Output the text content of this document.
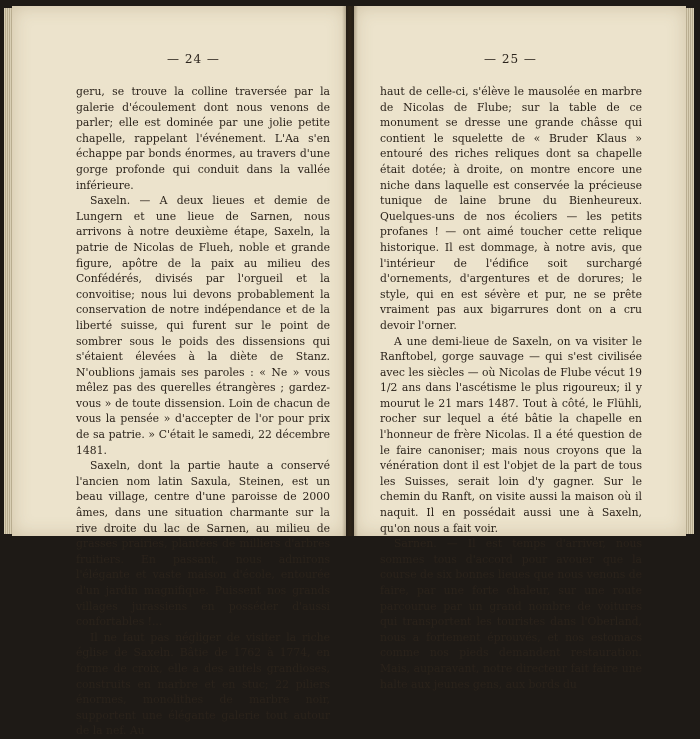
— 24 —

geru, se trouve la colline traversée par la galerie d'écoulement dont nous venons de parler; elle est dominée par une jolie petite chapelle, rappelant l'événement. L'Aa s'en échappe par bonds énormes, au travers d'une gorge profonde qui conduit dans la vallée inférieure.

Saxeln. — A deux lieues et demie de Lungern et une lieue de Sarnen, nous arrivons à notre deuxième étape, Saxeln, la patrie de Nicolas de Flueh, noble et grande figure, apôtre de la paix au milieu des Confédérés, divisés par l'orgueil et la convoitise; nous lui devons probablement la conservation de notre indépendance et de la liberté suisse, qui furent sur le point de sombrer sous le poids des dissensions qui s'étaient élevées à la diète de Stanz. N'oublions jamais ses paroles : « Ne » vous mêlez pas des querelles étrangères ; gardez-vous » de toute dissension. Loin de chacun de vous la pensée » d'accepter de l'or pour prix de sa patrie. » C'était le samedi, 22 décembre 1481.

Saxeln, dont la partie haute a conservé l'ancien nom latin Saxula, Steinen, est un beau village, centre d'une paroisse de 2000 âmes, dans une situation charmante sur la rive droite du lac de Sarnen, au milieu de grasses prairies, plantées de milliers d'arbres fruitiers. En passant, nous admirons l'élégante et vaste maison d'école, entourée d'un jardin magnifique. Puissent nos grands villages jurassiens en posséder d'aussi confortables !...

Il ne faut pas négliger de visiter la riche église de Saxeln. Bâtie de 1762 à 1774, en forme de croix, elle a des autels grandioses, construits en marbre et en stuc; 22 piliers énormes, monolithes de marbre noir, supportent une élégante galerie tout autour de la nef. Au

— 25 —

haut de celle-ci, s'élève le mausolée en marbre de Nicolas de Flube; sur la table de ce monument se dresse une grande châsse qui contient le squelette de « Bruder Klaus » entouré des riches reliques dont sa chapelle était dotée; à droite, on montre encore une niche dans laquelle est conservée la précieuse tunique de laine brune du Bienheureux. Quelques-uns de nos écoliers — les petits profanes ! — ont aimé toucher cette relique historique. Il est dommage, à notre avis, que l'intérieur de l'édifice soit surchargé d'ornements, d'argentures et de dorures; le style, qui en est sévère et pur, ne se prête vraiment pas aux bigarrures dont on a cru devoir l'orner.

A une demi-lieue de Saxeln, on va visiter le Ranftobel, gorge sauvage — qui s'est civilisée avec les siècles — où Nicolas de Flube vécut 19 1/2 ans dans l'ascétisme le plus rigoureux; il y mourut le 21 mars 1487. Tout à côté, le Flühli, rocher sur lequel a été bâtie la chapelle en l'honneur de frère Nicolas. Il a été question de le faire canoniser; mais nous croyons que la vénération dont il est l'objet de la part de tous les Suisses, serait loin d'y gagner. Sur le chemin du Ranft, on visite aussi la maison où il naquit. Il en possédait aussi une à Saxeln, qu'on nous a fait voir.

Sarnen. — Il est temps d'arriver, nous sommes tous d'accord pour avouer que la course de six bonnes lieues que nous venons de faire, par une forte chaleur, sur une route parcourue par un grand nombre de voitures qui transportent les touristes dans l'Oberland, nous a fortement éprouvés, et nos estomacs comme nos pieds demandent restauration. Mais, auparavant, notre directeur fait faire une halte aux jeunes gens, aux bords du
